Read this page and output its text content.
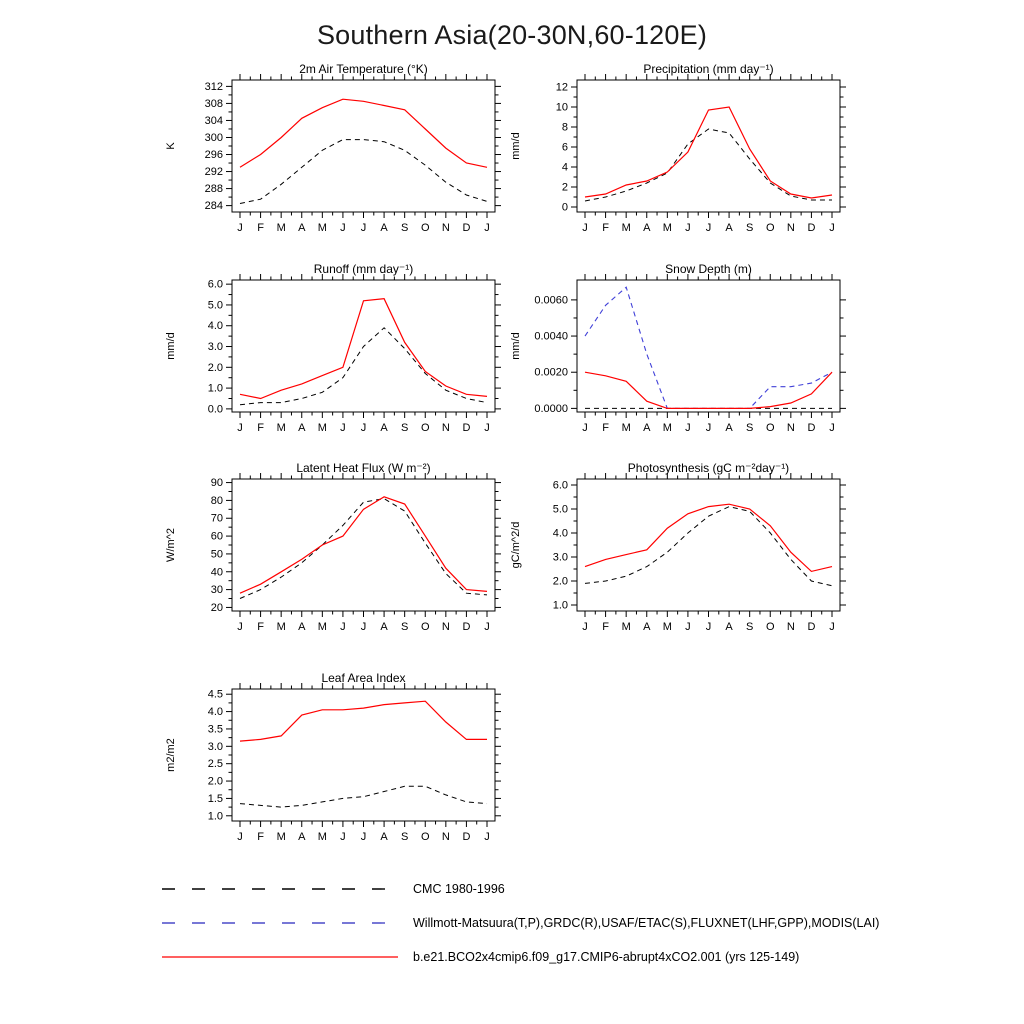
Southern Asia(20-30N,60-120E)
2m Air Temperature (°K)
K
284
288
292
296
300
304
308
312
J F M A M J J A S O N D J
Precipitation (mm day⁻¹)
mm/d
0
2
4
6
8
10
12
J F M A M J J A S O N D J
Runoff (mm day⁻¹)
mm/d
0.0
1.0
2.0
3.0
4.0
5.0
6.0
J F M A M J J A S O N D J
Snow Depth (m)
mm/d
0.0000
0.0020
0.0040
0.0060
J F M A M J J A S O N D J
Latent Heat Flux (W m⁻²)
W/m^2
20
30
40
50
60
70
80
90
J F M A M J J A S O N D J
Photosynthesis (gC m⁻²day⁻¹)
gC/m^2/d
1.0
2.0
3.0
4.0
5.0
6.0
J F M A M J J A S O N D J
Leaf Area Index
m2/m2
1.0
1.5
2.0
2.5
3.0
3.5
4.0
4.5
J F M A M J J A S O N D J
CMC 1980-1996
Willmott-Matsuura(T,P),GRDC(R),USAF/ETAC(S),FLUXNET(LHF,GPP),MODIS(LAI)
b.e21.BCO2x4cmip6.f09_g17.CMIP6-abrupt4xCO2.001 (yrs 125-149)
